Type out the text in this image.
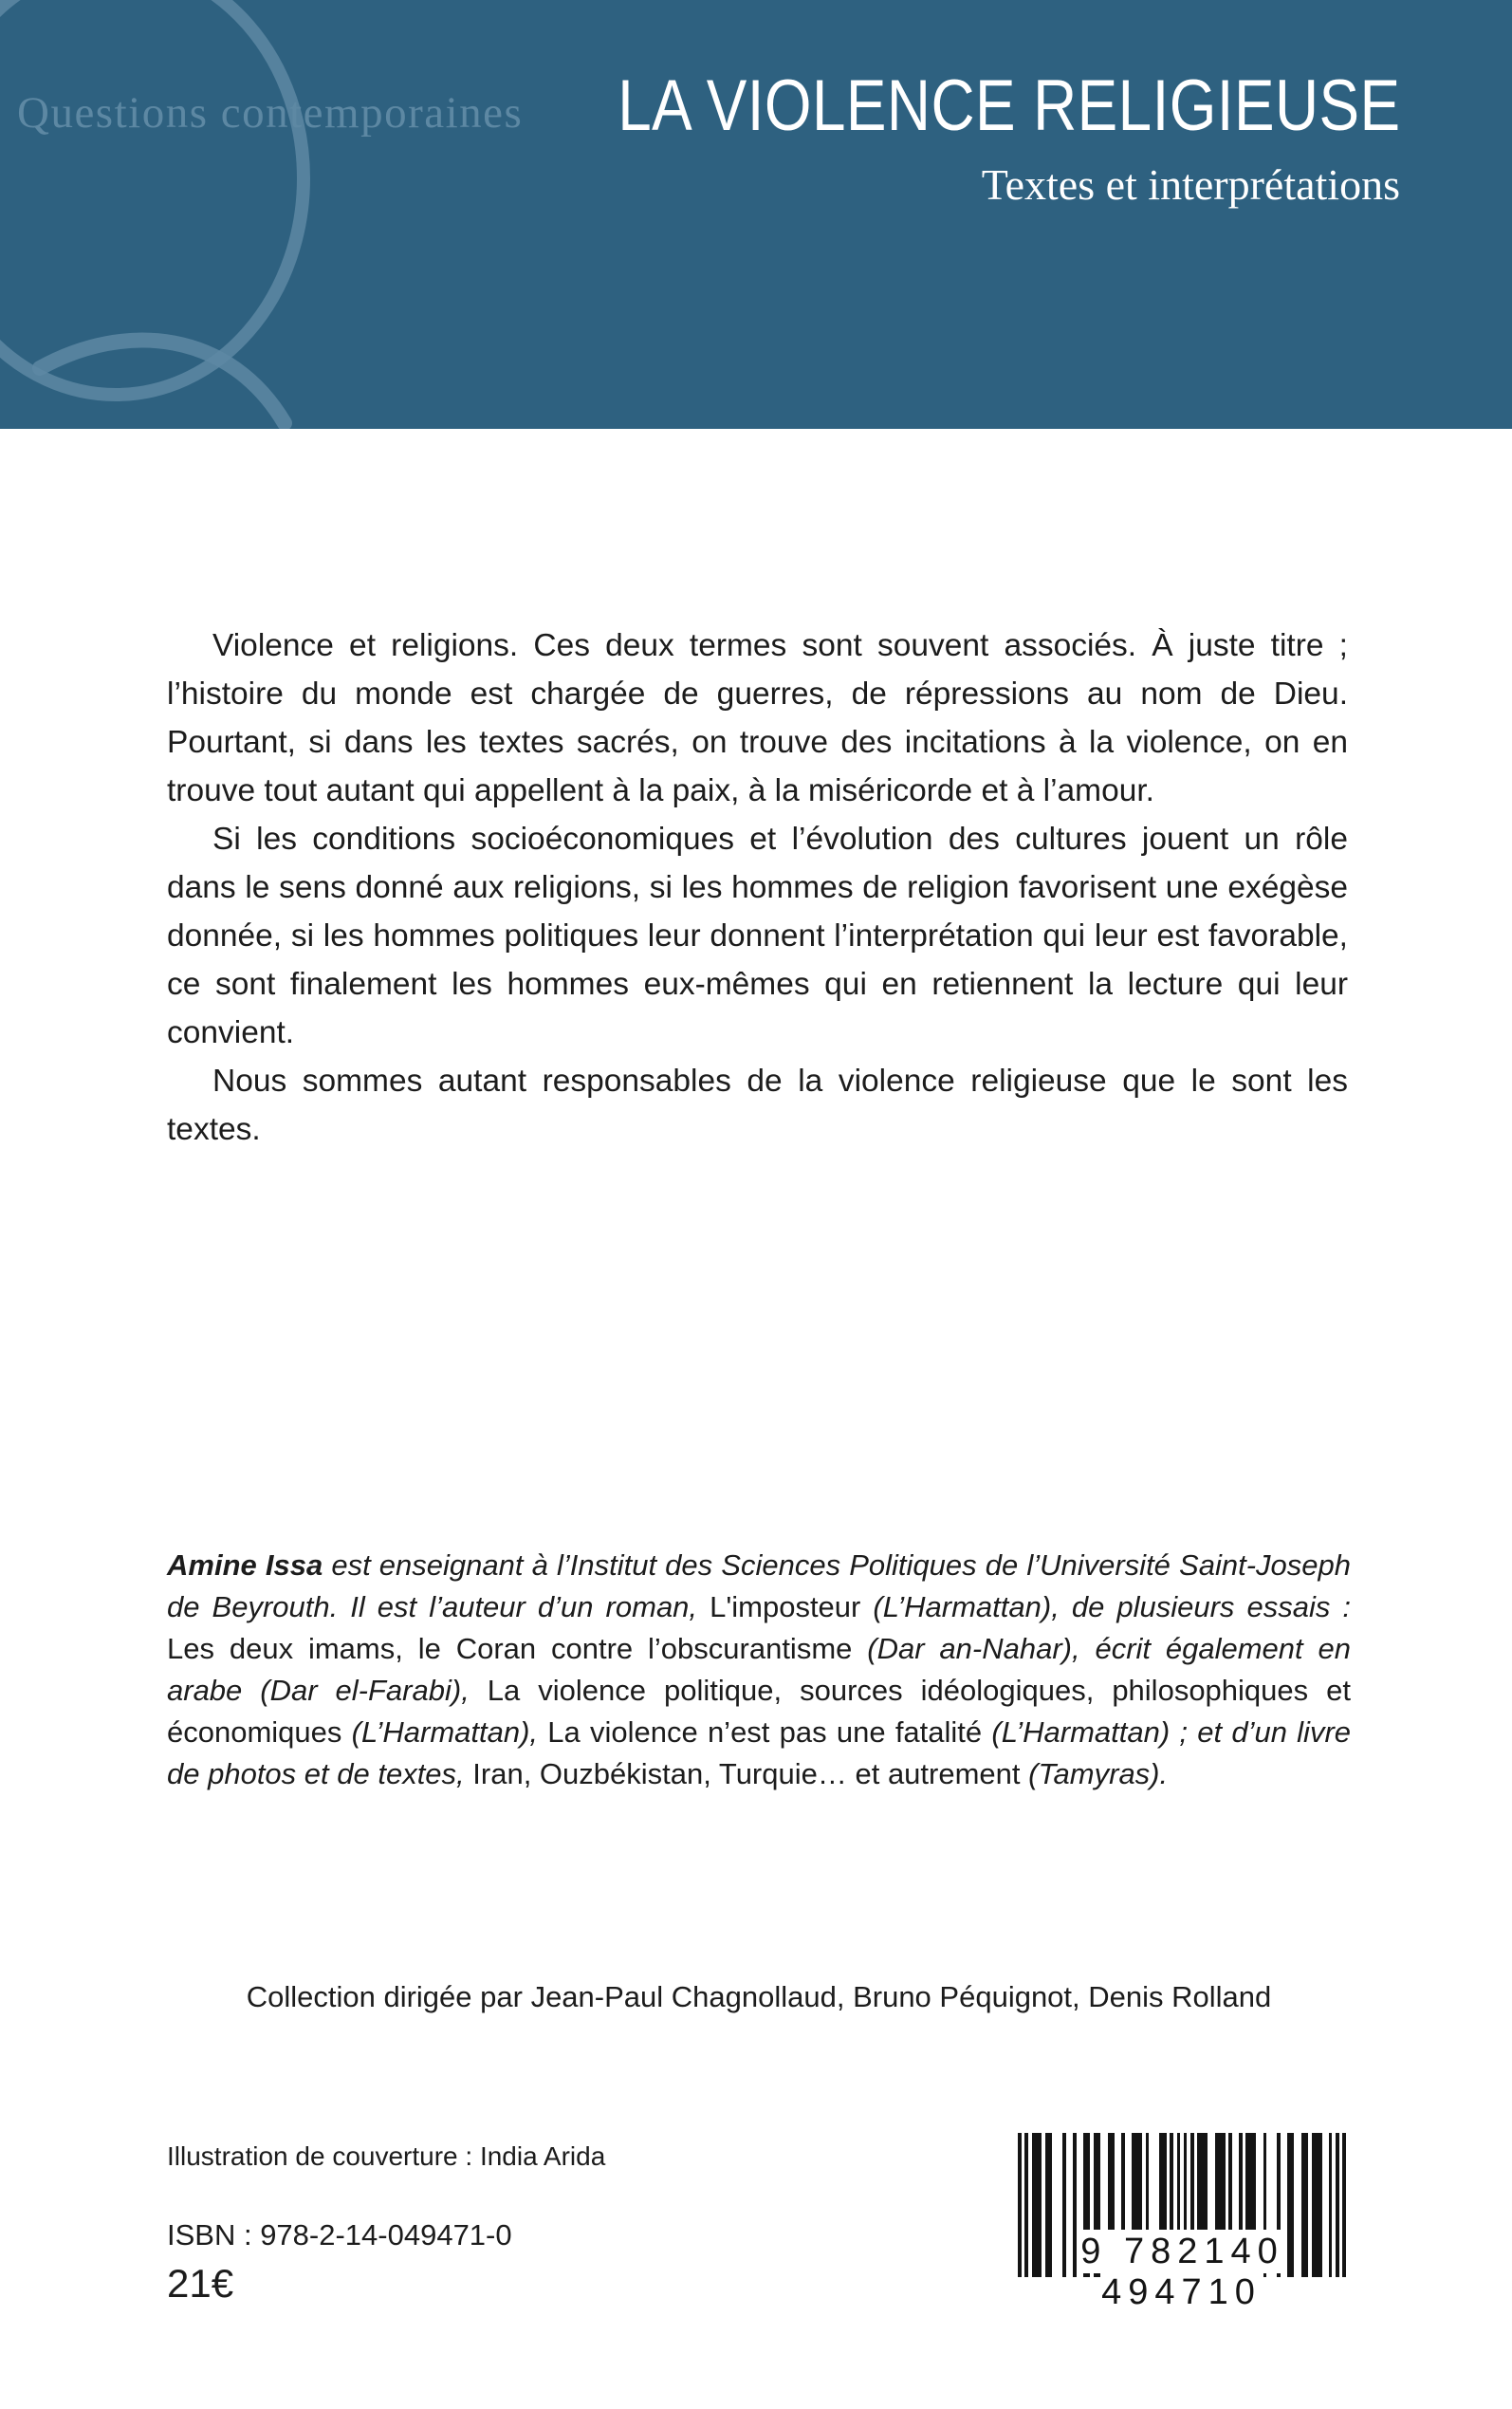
Questions contemporaines	LA VIOLENCE RELIGIEUSE
Textes et interprétations

Violence et religions. Ces deux termes sont souvent associés. À juste titre ; l’histoire du monde est chargée de guerres, de répressions au nom de Dieu. Pourtant, si dans les textes sacrés, on trouve des incitations à la violence, on en trouve tout autant qui appellent à la paix, à la miséricorde et à l’amour.

Si les conditions socioéconomiques et l’évolution des cultures jouent un rôle dans le sens donné aux religions, si les hommes de religion favorisent une exégèse donnée, si les hommes politiques leur donnent l’interprétation qui leur est favorable, ce sont finalement les hommes eux-mêmes qui en retiennent la lecture qui leur convient.

Nous sommes autant responsables de la violence religieuse que le sont les textes.

Amine Issa est enseignant à l’Institut des Sciences Politiques de l’Université Saint-Joseph de Beyrouth. Il est l’auteur d’un roman, L'imposteur (L’Harmattan), de plusieurs essais : Les deux imams, le Coran contre l’obscurantisme (Dar an-Nahar), écrit également en arabe (Dar el-Farabi), La violence politique, sources idéologiques, philosophiques et économiques (L’Harmattan), La violence n’est pas une fatalité (L’Harmattan) ; et d’un livre de photos et de textes, Iran, Ouzbékistan, Turquie… et autrement (Tamyras).
Collection dirigée par Jean-Paul Chagnollaud, Bruno Péquignot, Denis Rolland
Illustration de couverture : India Arida
ISBN : 978-2-14-049471-0
21€
9 782140 494710
